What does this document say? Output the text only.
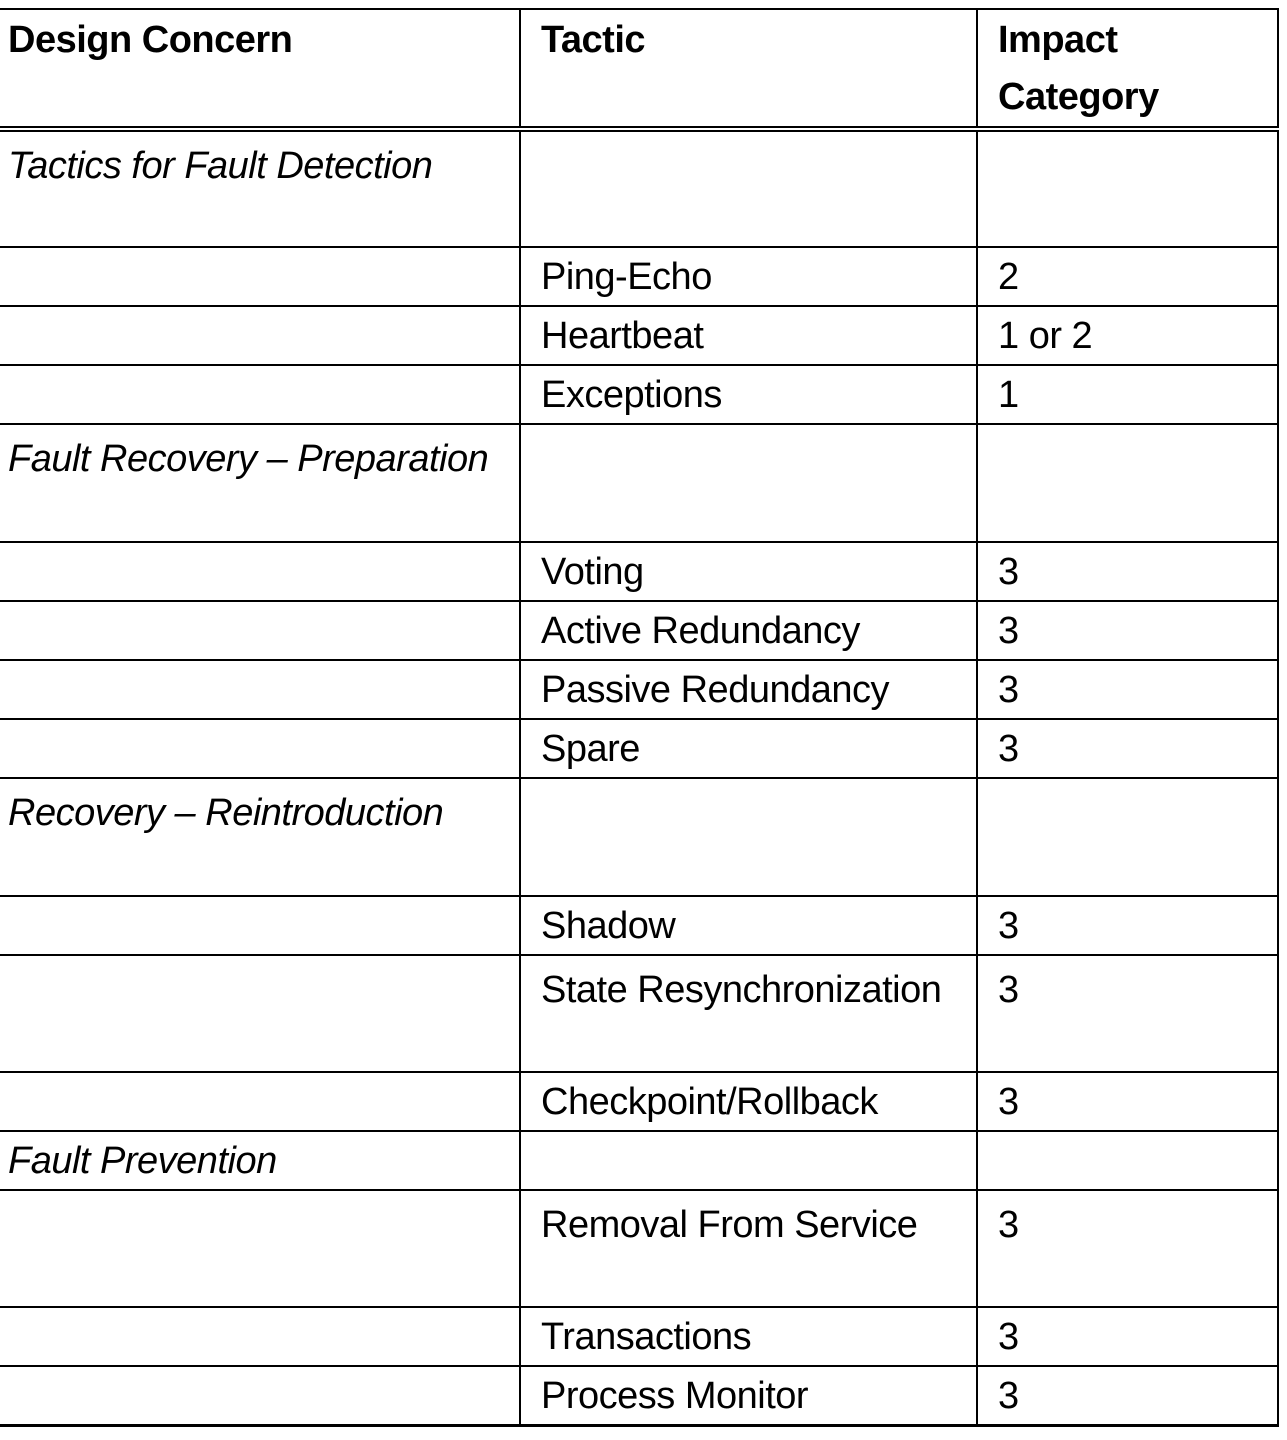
Design Concern	Tactic	Impact Category
Tactics for Fault Detection		
	Ping-Echo	2
	Heartbeat	1 or 2
	Exceptions	1
Fault Recovery – Preparation		
	Voting	3
	Active Redundancy	3
	Passive Redundancy	3
	Spare	3
Recovery – Reintroduction		
	Shadow	3
	State Resynchronization	3
	Checkpoint/Rollback	3
Fault Prevention		
	Removal From Service	3
	Transactions	3
	Process Monitor	3
